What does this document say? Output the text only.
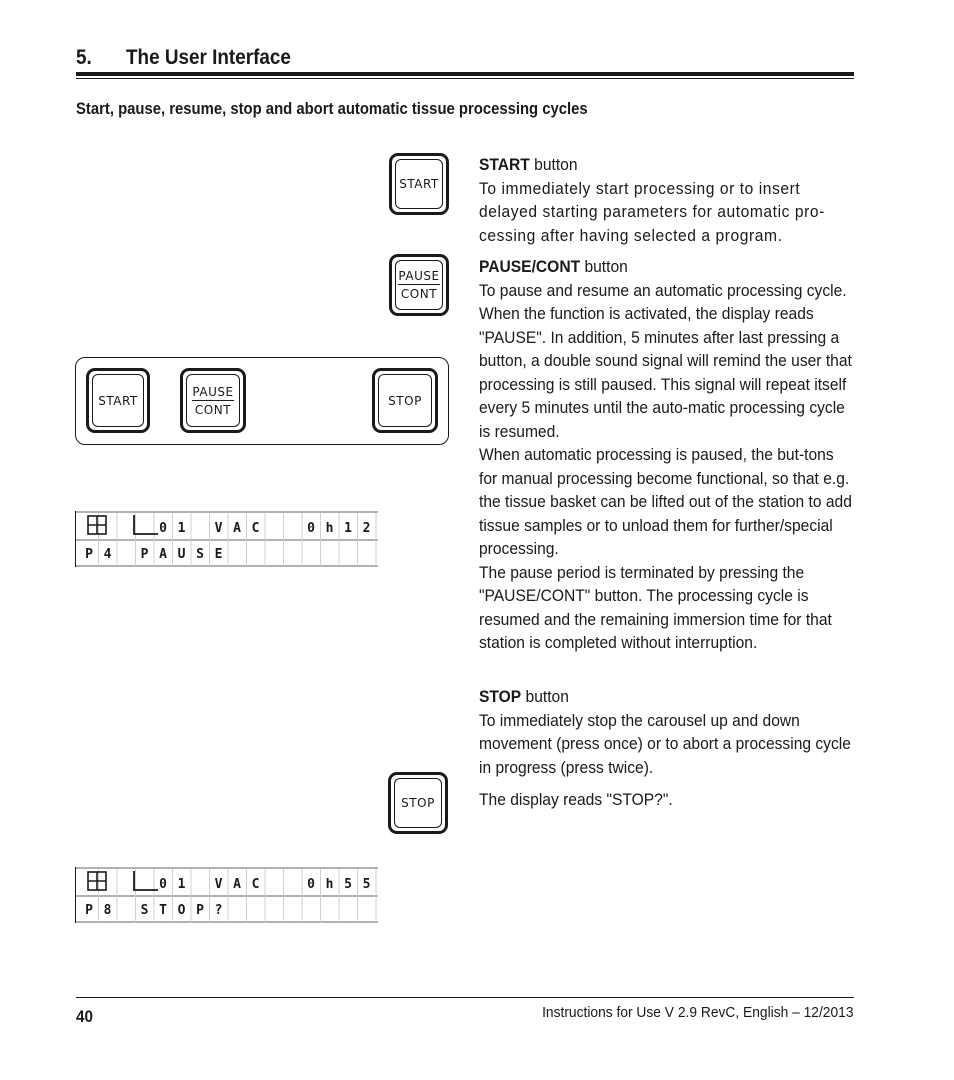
5. The User Interface
Start, pause, resume, stop and abort automatic tissue processing cycles
START
PAUSE
CONT
STOP
START
PAUSE
CONT
STOP
0 1	V A C	0 h 1 2
P 4	P A U S E
0 1	V A C	0 h 5 5
P 8	S T O P ?

START button

To immediately start processing or to insert delayed starting parameters for automatic pro-cessing after having selected a program.

PAUSE/CONT button

To pause and resume an automatic processing cycle.

When the function is activated, the display reads "PAUSE". In addition, 5 minutes after last pressing a button, a double sound signal will remind the user that processing is still paused. This signal will repeat itself every 5 minutes until the auto-matic processing cycle is resumed.

When automatic processing is paused, the but-tons for manual processing become functional, so that e.g. the tissue basket can be lifted out of the station to add tissue samples or to unload them for further/special processing.

The pause period is terminated by pressing the "PAUSE/CONT" button. The processing cycle is resumed and the remaining immersion time for that station is completed without interruption.

STOP button

To immediately stop the carousel up and down movement (press once) or to abort a processing cycle in progress (press twice).

The display reads "STOP?".

40	Instructions for Use V 2.9 RevC, English – 12/2013
